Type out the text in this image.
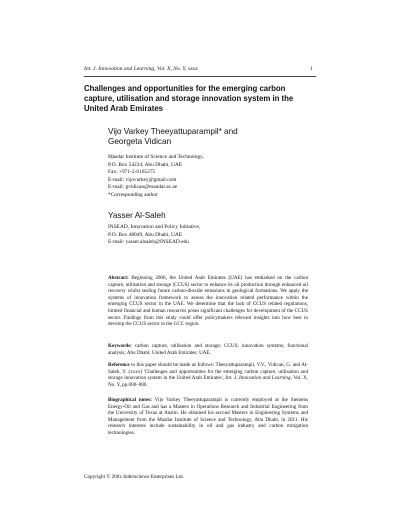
Int. J. Innovation and Learning, Vol. X, No. Y, xxxx	1
Challenges and opportunities for the emerging carbon capture, utilisation and storage innovation system in the United Arab Emirates
Vijo Varkey Theeyattuparampil* and
Georgeta Vidican
Masdar Institute of Science and Technology,
P.O. Box 54224, Abu Dhabi, UAE
Fax: +971-2-6165275
E-mail: vijovarkey@gmail.com
E-mail: gvidican@mandar.ac.ae
*Corresponding author
Yasser Al-Saleh
INSEAD, Innovation and Policy Initiative,
P.O. Box 48049, Abu Dhabi, UAE
E-mail: yasser.alsaleh@INSEAD.edu
Abstract: Beginning 2006, the United Arab Emirates (UAE) has embarked on the carbon capture, utilisation and storage (CCUS) sector to enhance its oil production through enhanced oil recovery whilst sealing future carbon-dioxide emissions in geological formations. We apply the systems of innovation framework to assess the innovation related performance within the emerging CCUS sector in the UAE. We determine that the lack of CCUS related regulations, limited financial and human resources poses significant challenges for development of the CCUS sector. Findings from this study could offer policymakers relevant insights into how best to develop the CCUS sector in the GCC region.
Keywords: carbon capture, utilisation and storage; CCUS; innovation systems; functional analysis; Abu Dhabi; United Arab Emirates; UAE.
Reference to this paper should be made as follows: Theeyattuparampil, V.V., Vidican, G. and Al-Saleh, Y. (xxxx) 'Challenges and opportunities for the emerging carbon capture, utilisation and storage innovation system in the United Arab Emirates', Int. J. Innovation and Learning, Vol. X, No. Y, pp.000–000.
Biographical notes: Vijo Varkey Theeyattuparampil is currently employed at the Siemens Energy-Oil and Gas and has a Masters in Operations Research and Industrial Engineering from the University of Texas at Austin. He obtained his second Masters in Engineering Systems and Management from the Masdar Institute of Science and Technology, Abu Dhabi, in 2011. His research interests include sustainability in oil and gas industry and carbon mitigation technologies.
Copyright © 200x Inderscience Enterprises Ltd.
